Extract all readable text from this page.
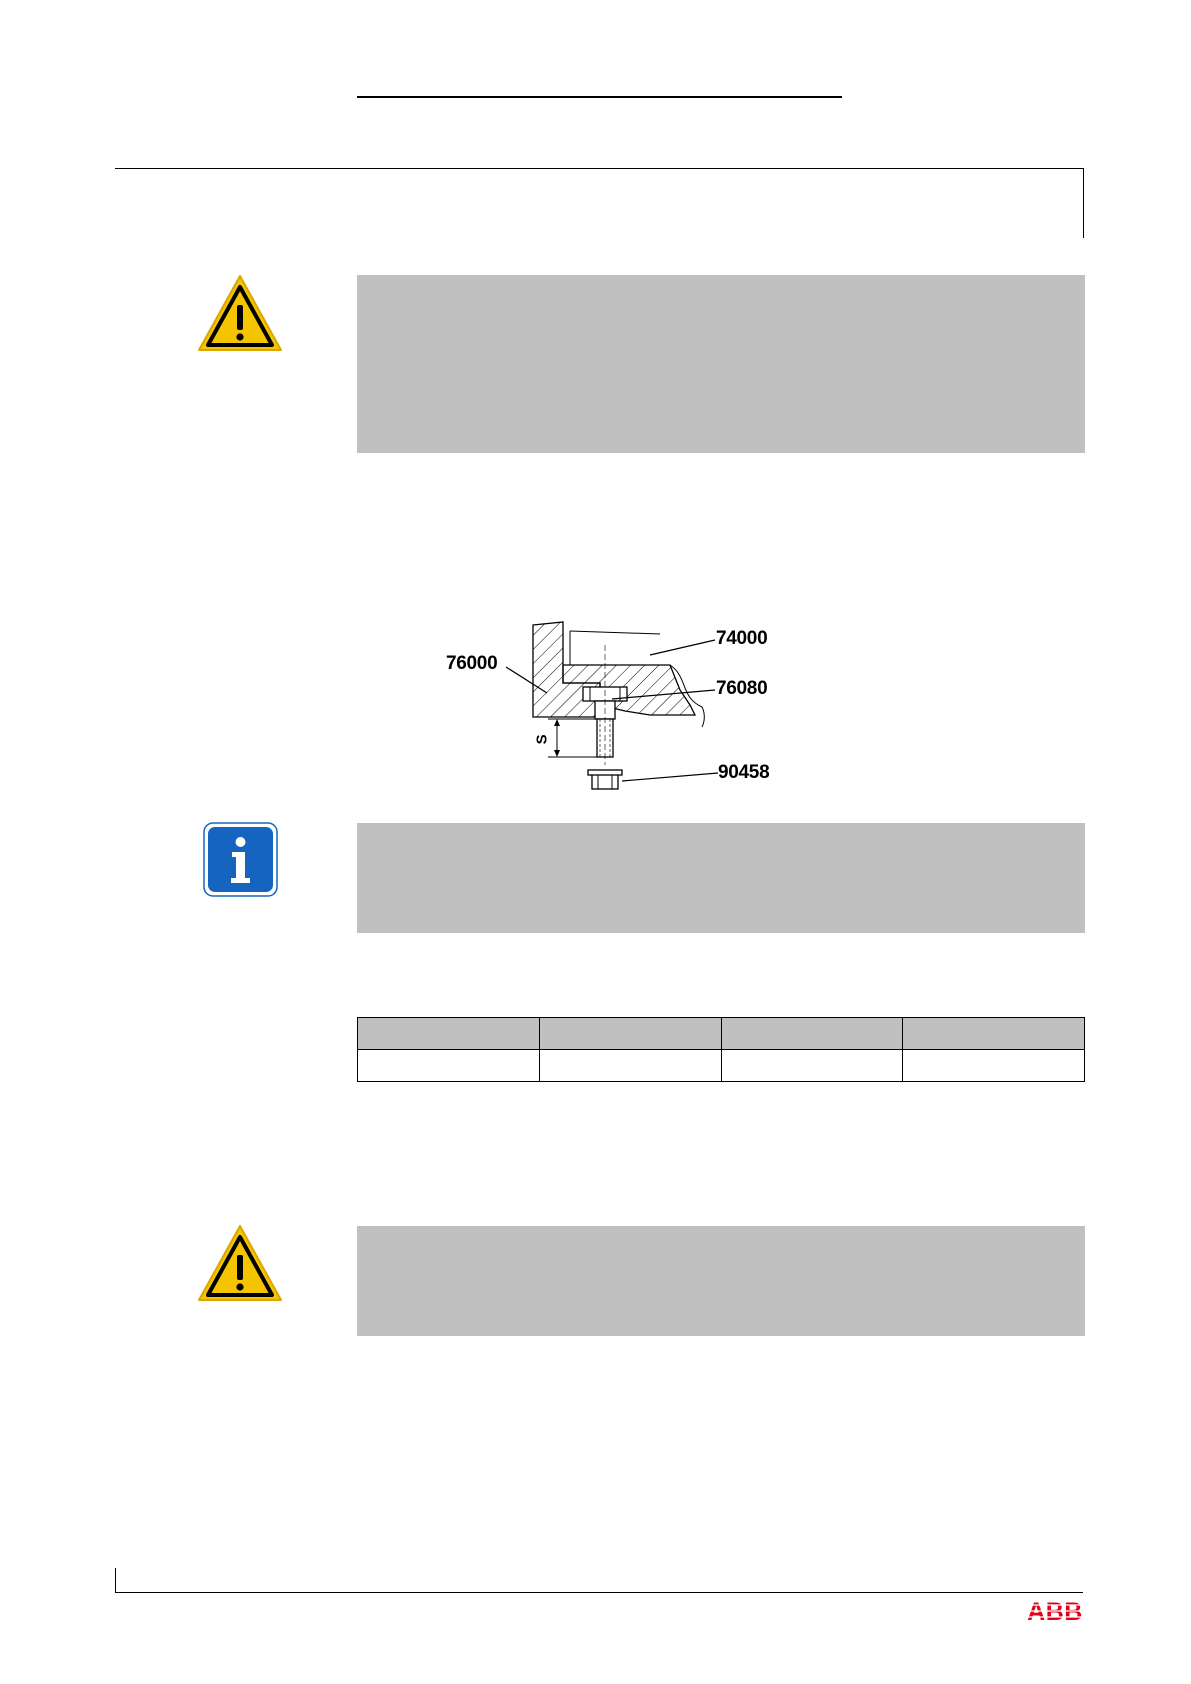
74000
76000
76080
90458
S

ABB
